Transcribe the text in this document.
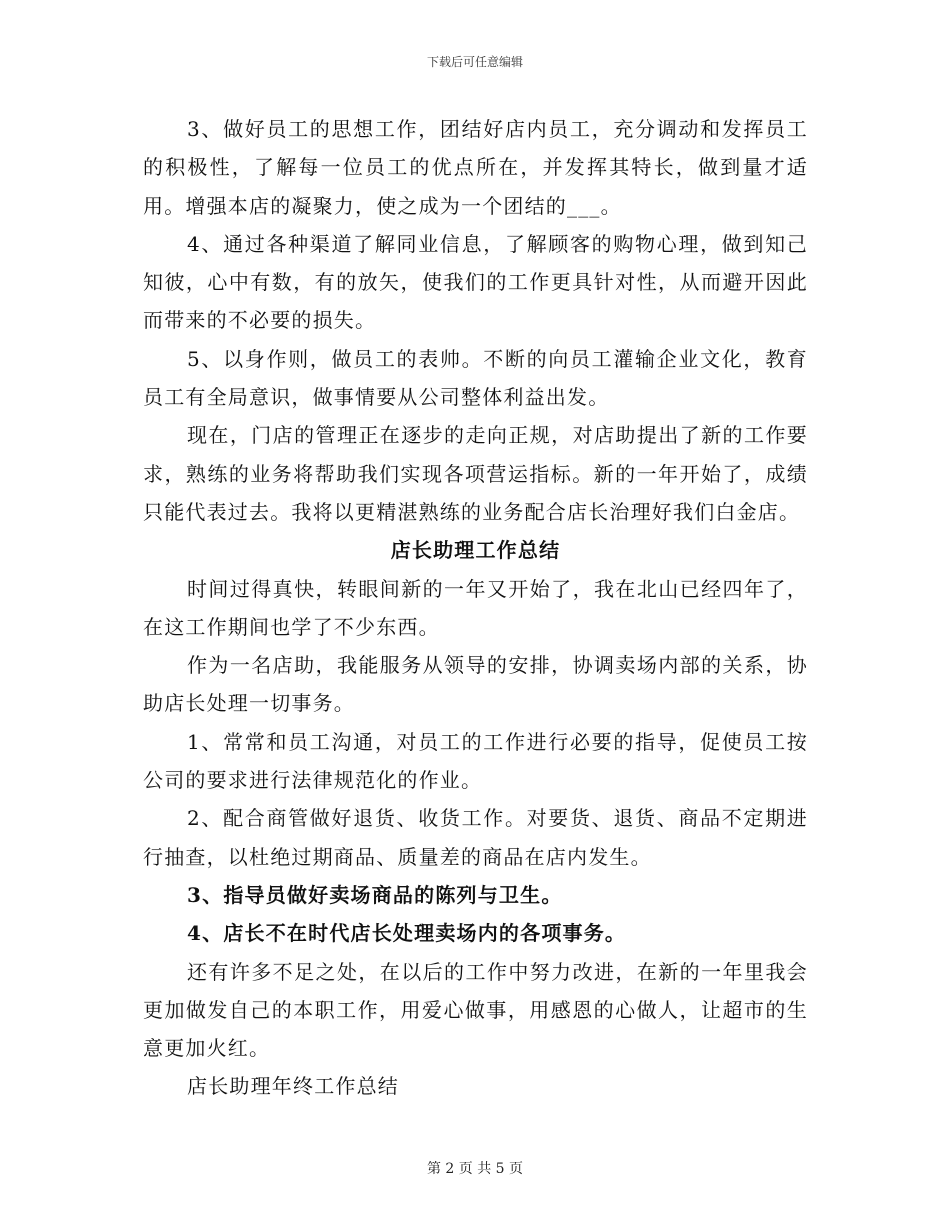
下载后可任意编辑

3、做好员工的思想工作，团结好店内员工，充分调动和发挥员工的积极性，了解每一位员工的优点所在，并发挥其特长，做到量才适用。增强本店的凝聚力，使之成为一个团结的___。

4、通过各种渠道了解同业信息，了解顾客的购物心理，做到知己知彼，心中有数，有的放矢，使我们的工作更具针对性，从而避开因此而带来的不必要的损失。

5、以身作则，做员工的表帅。不断的向员工灌输企业文化，教育员工有全局意识，做事情要从公司整体利益出发。

现在，门店的管理正在逐步的走向正规，对店助提出了新的工作要求，熟练的业务将帮助我们实现各项营运指标。新的一年开始了，成绩只能代表过去。我将以更精湛熟练的业务配合店长治理好我们白金店。

店长助理工作总结

时间过得真快，转眼间新的一年又开始了，我在北山已经四年了，在这工作期间也学了不少东西。

作为一名店助，我能服务从领导的安排，协调卖场内部的关系，协助店长处理一切事务。

1、常常和员工沟通，对员工的工作进行必要的指导，促使员工按公司的要求进行法律规范化的作业。

2、配合商管做好退货、收货工作。对要货、退货、商品不定期进行抽查，以杜绝过期商品、质量差的商品在店内发生。

3、指导员做好卖场商品的陈列与卫生。

4、店长不在时代店长处理卖场内的各项事务。

还有许多不足之处，在以后的工作中努力改进，在新的一年里我会更加做发自己的本职工作，用爱心做事，用感恩的心做人，让超市的生意更加火红。

店长助理年终工作总结

第 2 页 共 5 页
